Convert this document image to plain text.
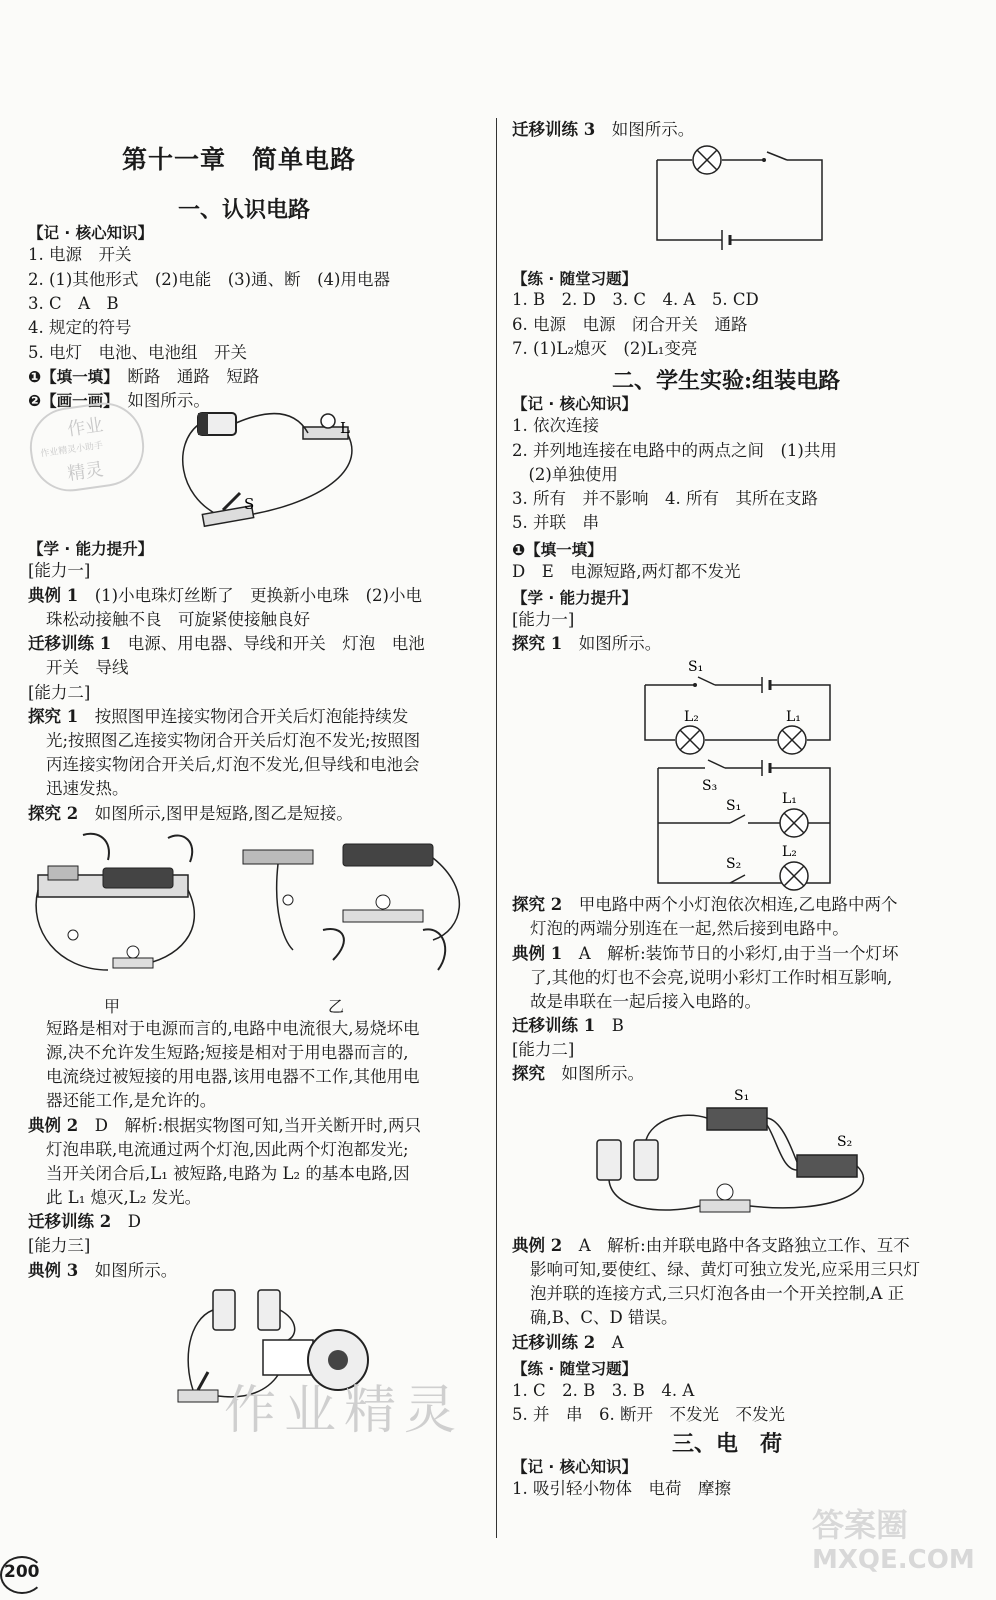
第十一章　简单电路
一、认识电路
【记 · 核心知识】
1. 电源　开关
2. (1)其他形式　(2)电能　(3)通、断　(4)用电器
3. C　A　B
4. 规定的符号
5. 电灯　电池、电池组　开关
❶【填一填】　 断路　通路　短路
❷【画一画】　 如图所示。
L
S
作业
作业精灵小助手
精灵
【学 · 能力提升】
[能力一]
典例 1　 (1)小电珠灯丝断了　更换新小电珠　(2)小电
珠松动接触不良　可旋紧使接触良好
迁移训练 1　 电源、用电器、导线和开关　灯泡　电池
开关　导线
[能力二]
探究 1　 按照图甲连接实物闭合开关后灯泡能持续发
光;按照图乙连接实物闭合开关后灯泡不发光;按照图
丙连接实物闭合开关后,灯泡不发光,但导线和电池会
迅速发热。
探究 2　 如图所示,图甲是短路,图乙是短接。
甲	乙
短路是相对于电源而言的,电路中电流很大,易烧坏电
源,决不允许发生短路;短接是相对于用电器而言的,
电流绕过被短接的用电器,该用电器不工作,其他用电
器还能工作,是允许的。
典例 2　 D　解析:根据实物图可知,当开关断开时,两只
灯泡串联,电流通过两个灯泡,因此两个灯泡都发光;
当开关闭合后,L₁ 被短路,电路为 L₂ 的基本电路,因
此 L₁ 熄灭,L₂ 发光。
迁移训练 2　 D
[能力三]
典例 3　 如图所示。
作业精灵
迁移训练 3　 如图所示。
【练 · 随堂习题】
1. B　2. D　3. C　4. A　5. CD
6. 电源　电源　闭合开关　通路
7. (1)L₂熄灭　(2)L₁变亮
二、学生实验:组装电路
【记 · 核心知识】
1. 依次连接
2. 并列地连接在电路中的两点之间　(1)共用
　(2)单独使用
3. 所有　并不影响　4. 所有　其所在支路
5. 并联　串
❶【填一填】
D　E　电源短路,两灯都不发光
【学 · 能力提升】
[能力一]
探究 1　 如图所示。
S₁
L₂	L₁
S₃
S₁	L₁
S₂
L₂
探究 2　 甲电路中两个小灯泡依次相连,乙电路中两个
灯泡的两端分别连在一起,然后接到电路中。
典例 1　 A　解析:装饰节日的小彩灯,由于当一个灯坏
了,其他的灯也不会亮,说明小彩灯工作时相互影响,
故是串联在一起后接入电路的。
迁移训练 1　 B
[能力二]
探究　 如图所示。
S₁
S₂
典例 2　 A　解析:由并联电路中各支路独立工作、互不
影响可知,要使红、绿、黄灯可独立发光,应采用三只灯
泡并联的连接方式,三只灯泡各由一个开关控制,A 正
确,B、C、D 错误。
迁移训练 2　 A
【练 · 随堂习题】
1. C　2. B　3. B　4. A
5. 并　串　6. 断开　不发光　不发光
三、电　荷
【记 · 核心知识】
1. 吸引轻小物体　电荷　摩擦
答案圈
MXQE.COM
200
